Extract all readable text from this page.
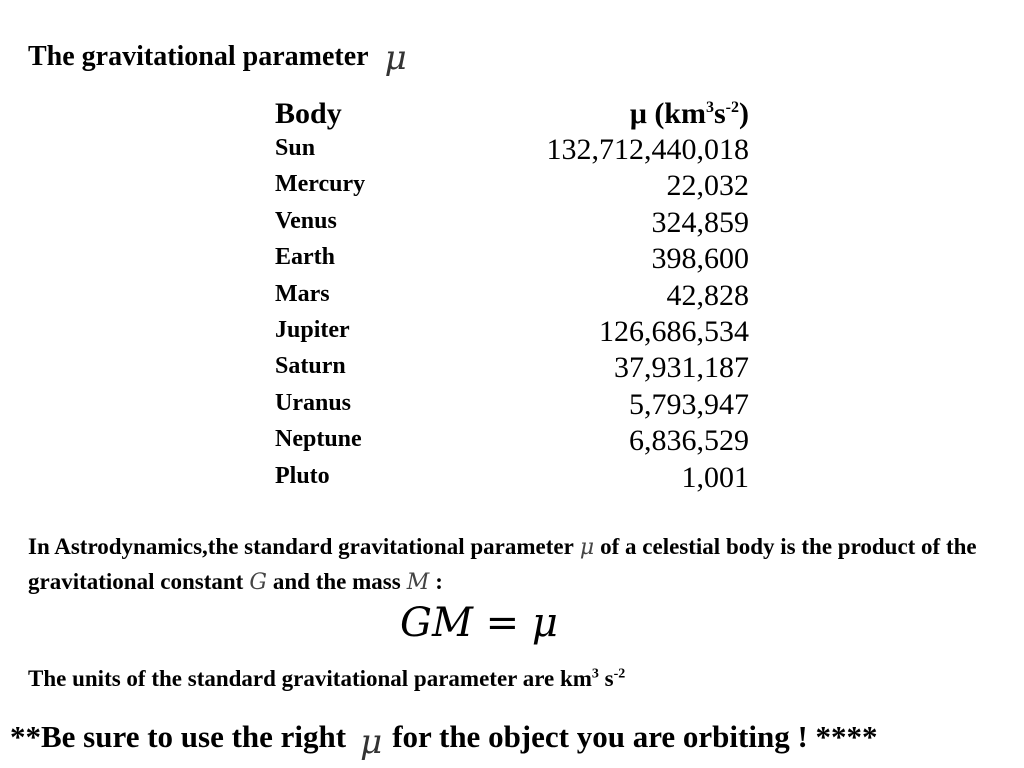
The gravitational parameter μ
Body	μ $(km^3s^{-2})$
Sun	132,712,440,018
Mercury	22,032
Venus	324,859
Earth	398,600
Mars	42,828
Jupiter	126,686,534
Saturn	37,931,187
Uranus	5,793,947
Neptune	6,836,529
Pluto	1,001
In Astrodynamics,the standard gravitational parameter μ of a celestial body is the product of the gravitational constant G and the mass M :
GM = μ
The units of the standard gravitational parameter are $km^3$ $s^{-2}$
**Be sure to use the right μ for the object you are orbiting ! ****
